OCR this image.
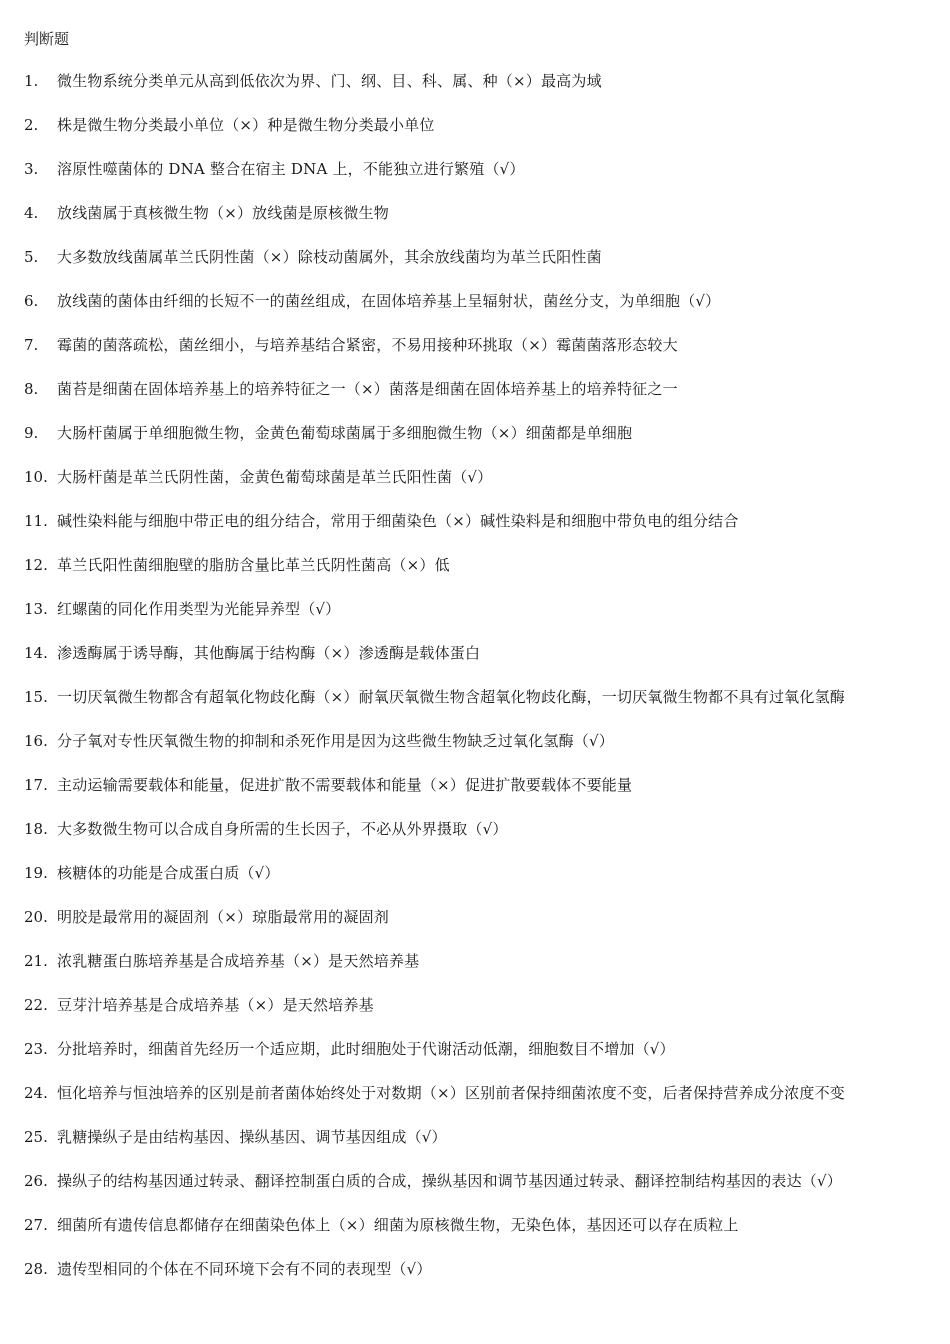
判断题
1. 微生物系统分类单元从高到低依次为界、门、纲、目、科、属、种（×）最高为域
2. 株是微生物分类最小单位（×）种是微生物分类最小单位
3. 溶原性噬菌体的 DNA 整合在宿主 DNA 上，不能独立进行繁殖（√）
4. 放线菌属于真核微生物（×）放线菌是原核微生物
5. 大多数放线菌属革兰氏阴性菌（×）除枝动菌属外，其余放线菌均为革兰氏阳性菌
6. 放线菌的菌体由纤细的长短不一的菌丝组成，在固体培养基上呈辐射状，菌丝分支，为单细胞（√）
7. 霉菌的菌落疏松，菌丝细小，与培养基结合紧密，不易用接种环挑取（×）霉菌菌落形态较大
8. 菌苔是细菌在固体培养基上的培养特征之一（×）菌落是细菌在固体培养基上的培养特征之一
9. 大肠杆菌属于单细胞微生物，金黄色葡萄球菌属于多细胞微生物（×）细菌都是单细胞
10. 大肠杆菌是革兰氏阴性菌，金黄色葡萄球菌是革兰氏阳性菌（√）
11. 碱性染料能与细胞中带正电的组分结合，常用于细菌染色（×）碱性染料是和细胞中带负电的组分结合
12. 革兰氏阳性菌细胞壁的脂肪含量比革兰氏阴性菌高（×）低
13. 红螺菌的同化作用类型为光能异养型（√）
14. 渗透酶属于诱导酶，其他酶属于结构酶（×）渗透酶是载体蛋白
15. 一切厌氧微生物都含有超氧化物歧化酶（×）耐氧厌氧微生物含超氧化物歧化酶，一切厌氧微生物都不具有过氧化氢酶
16. 分子氧对专性厌氧微生物的抑制和杀死作用是因为这些微生物缺乏过氧化氢酶（√）
17. 主动运输需要载体和能量，促进扩散不需要载体和能量（×）促进扩散要载体不要能量
18. 大多数微生物可以合成自身所需的生长因子，不必从外界摄取（√）
19. 核糖体的功能是合成蛋白质（√）
20. 明胶是最常用的凝固剂（×）琼脂最常用的凝固剂
21. 浓乳糖蛋白胨培养基是合成培养基（×）是天然培养基
22. 豆芽汁培养基是合成培养基（×）是天然培养基
23. 分批培养时，细菌首先经历一个适应期，此时细胞处于代谢活动低潮，细胞数目不增加（√）
24. 恒化培养与恒浊培养的区别是前者菌体始终处于对数期（×）区别前者保持细菌浓度不变，后者保持营养成分浓度不变
25. 乳糖操纵子是由结构基因、操纵基因、调节基因组成（√）
26. 操纵子的结构基因通过转录、翻译控制蛋白质的合成，操纵基因和调节基因通过转录、翻译控制结构基因的表达（√）
27. 细菌所有遗传信息都储存在细菌染色体上（×）细菌为原核微生物，无染色体，基因还可以存在质粒上
28. 遗传型相同的个体在不同环境下会有不同的表现型（√）
